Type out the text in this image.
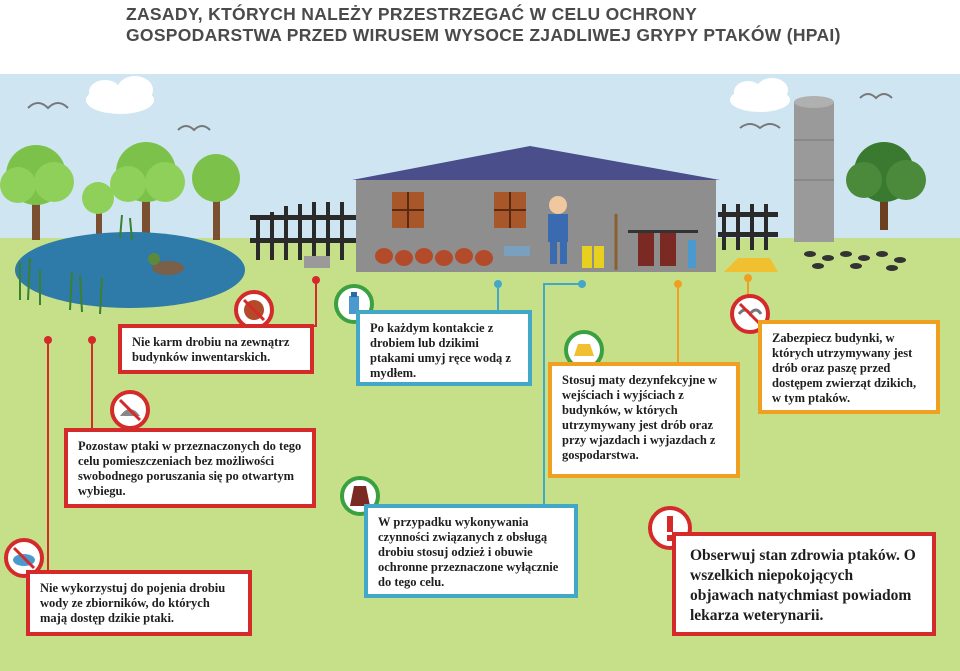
ZASADY, KTÓRYCH NALEŻY PRZESTRZEGAĆ W CELU OCHRONY GOSPODARSTWA PRZED WIRUSEM WYSOCE ZJADLIWEJ GRYPY PTAKÓW (HPAI)
Nie karm drobiu na zewnątrz budynków inwentarskich.
Po każdym kontakcie z drobiem lub dzikimi ptakami umyj ręce wodą z mydłem.
Pozostaw ptaki w przeznaczonych do tego celu pomieszczeniach bez możliwości swobodnego poruszania się po otwartym wybiegu.
Stosuj maty dezynfekcyjne w wejściach i wyjściach z budynków, w których utrzymywany jest drób oraz przy wjazdach i wyjazdach z gospodarstwa.
Zabezpiecz budynki, w których utrzymywany jest drób oraz paszę przed dostępem zwierząt dzikich, w tym ptaków.
W przypadku wykonywania czynności związanych z obsługą drobiu stosuj odzież i obuwie ochronne przeznaczone wyłącznie do tego celu.
Nie wykorzystuj do pojenia drobiu wody ze zbiorników, do których mają dostęp dzikie ptaki.
Obserwuj stan zdrowia ptaków. O wszelkich niepokojących objawach natychmiast powiadom lekarza weterynarii.
